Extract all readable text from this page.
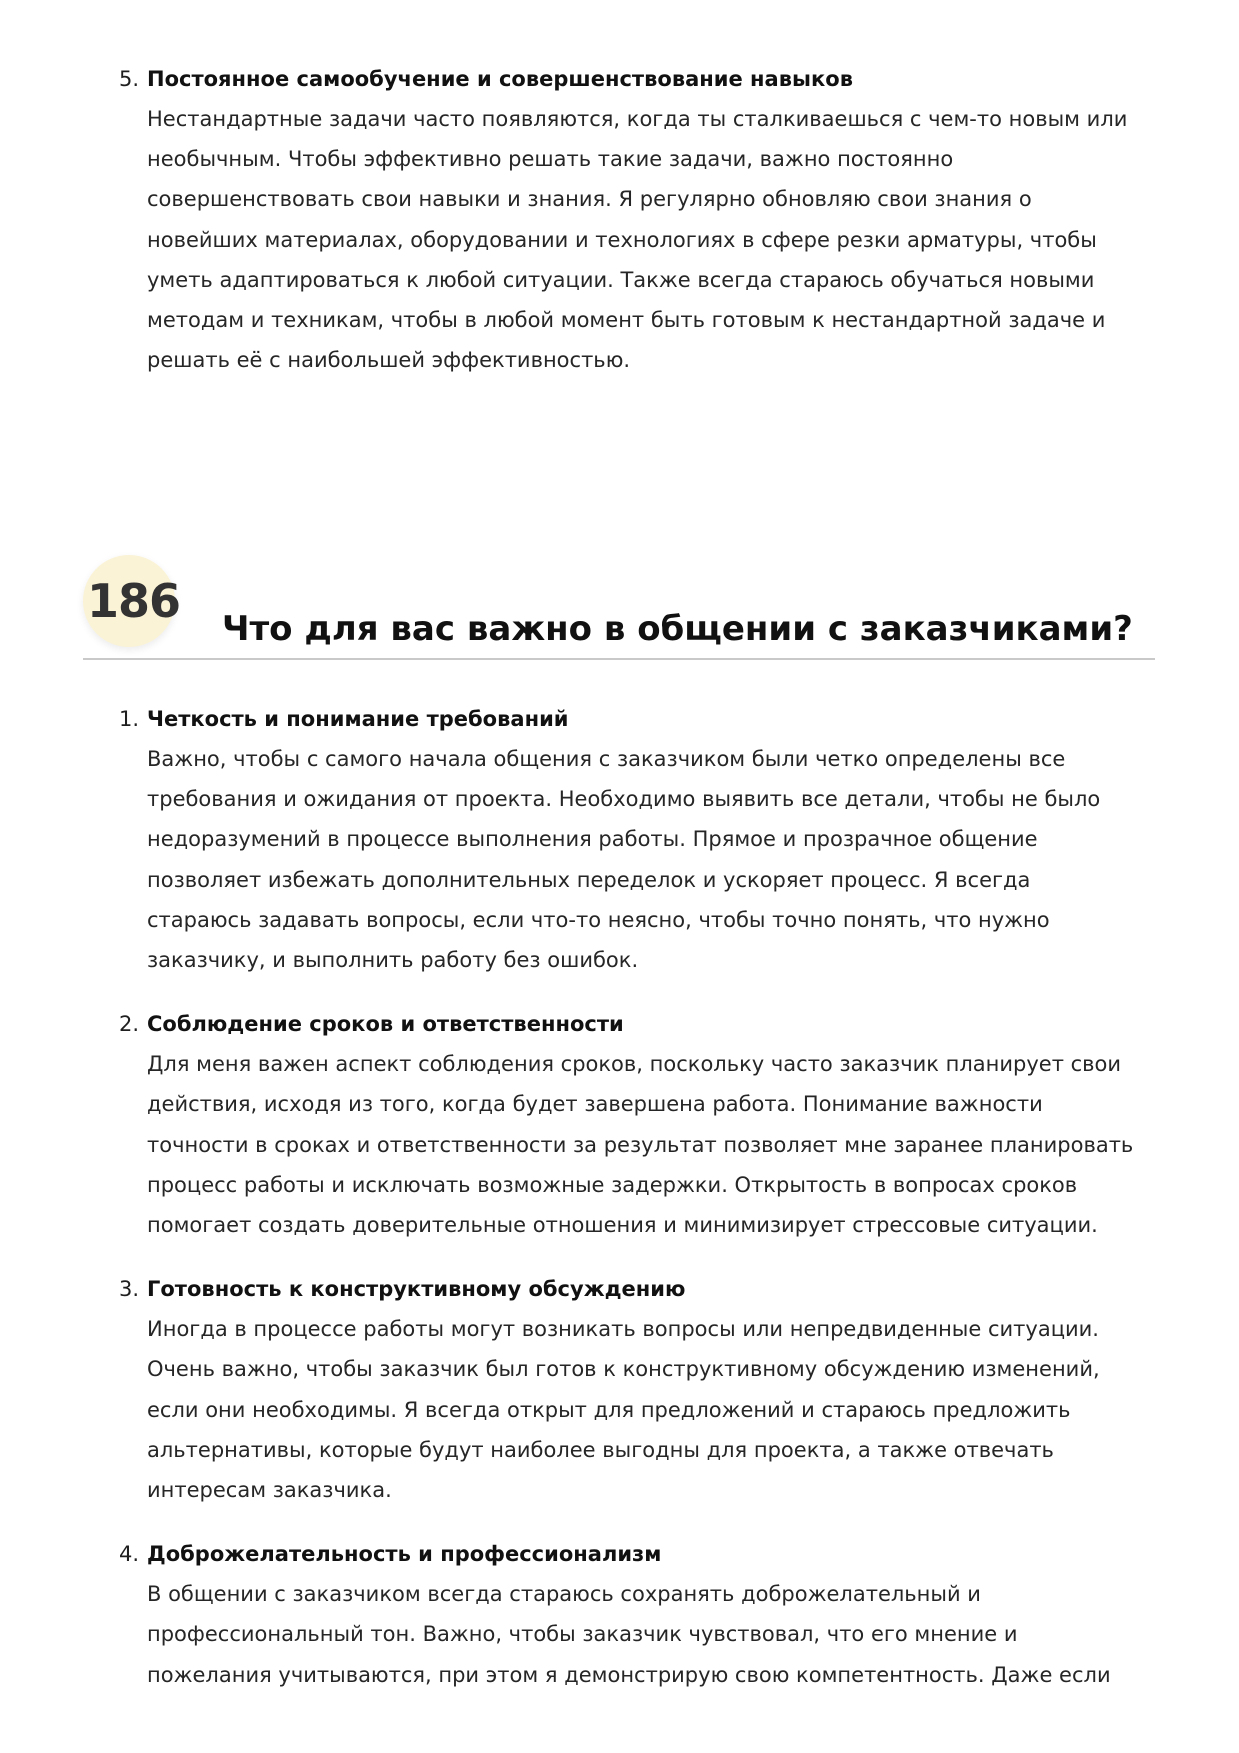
5. Постоянное самообучение и совершенствование навыков

Нестандартные задачи часто появляются, когда ты сталкиваешься с чем-то новым или
необычным. Чтобы эффективно решать такие задачи, важно постоянно
совершенствовать свои навыки и знания. Я регулярно обновляю свои знания о
новейших материалах, оборудовании и технологиях в сфере резки арматуры, чтобы
уметь адаптироваться к любой ситуации. Также всегда стараюсь обучаться новыми
методам и техникам, чтобы в любой момент быть готовым к нестандартной задаче и
решать её с наибольшей эффективностью.

186
Что для вас важно в общении с заказчиками?
1. Четкость и понимание требований

Важно, чтобы с самого начала общения с заказчиком были четко определены все
требования и ожидания от проекта. Необходимо выявить все детали, чтобы не было
недоразумений в процессе выполнения работы. Прямое и прозрачное общение
позволяет избежать дополнительных переделок и ускоряет процесс. Я всегда
стараюсь задавать вопросы, если что-то неясно, чтобы точно понять, что нужно
заказчику, и выполнить работу без ошибок.

2. Соблюдение сроков и ответственности

Для меня важен аспект соблюдения сроков, поскольку часто заказчик планирует свои
действия, исходя из того, когда будет завершена работа. Понимание важности
точности в сроках и ответственности за результат позволяет мне заранее планировать
процесс работы и исключать возможные задержки. Открытость в вопросах сроков
помогает создать доверительные отношения и минимизирует стрессовые ситуации.

3. Готовность к конструктивному обсуждению

Иногда в процессе работы могут возникать вопросы или непредвиденные ситуации.
Очень важно, чтобы заказчик был готов к конструктивному обсуждению изменений,
если они необходимы. Я всегда открыт для предложений и стараюсь предложить
альтернативы, которые будут наиболее выгодны для проекта, а также отвечать
интересам заказчика.

4. Доброжелательность и профессионализм

В общении с заказчиком всегда стараюсь сохранять доброжелательный и
профессиональный тон. Важно, чтобы заказчик чувствовал, что его мнение и
пожелания учитываются, при этом я демонстрирую свою компетентность. Даже если
